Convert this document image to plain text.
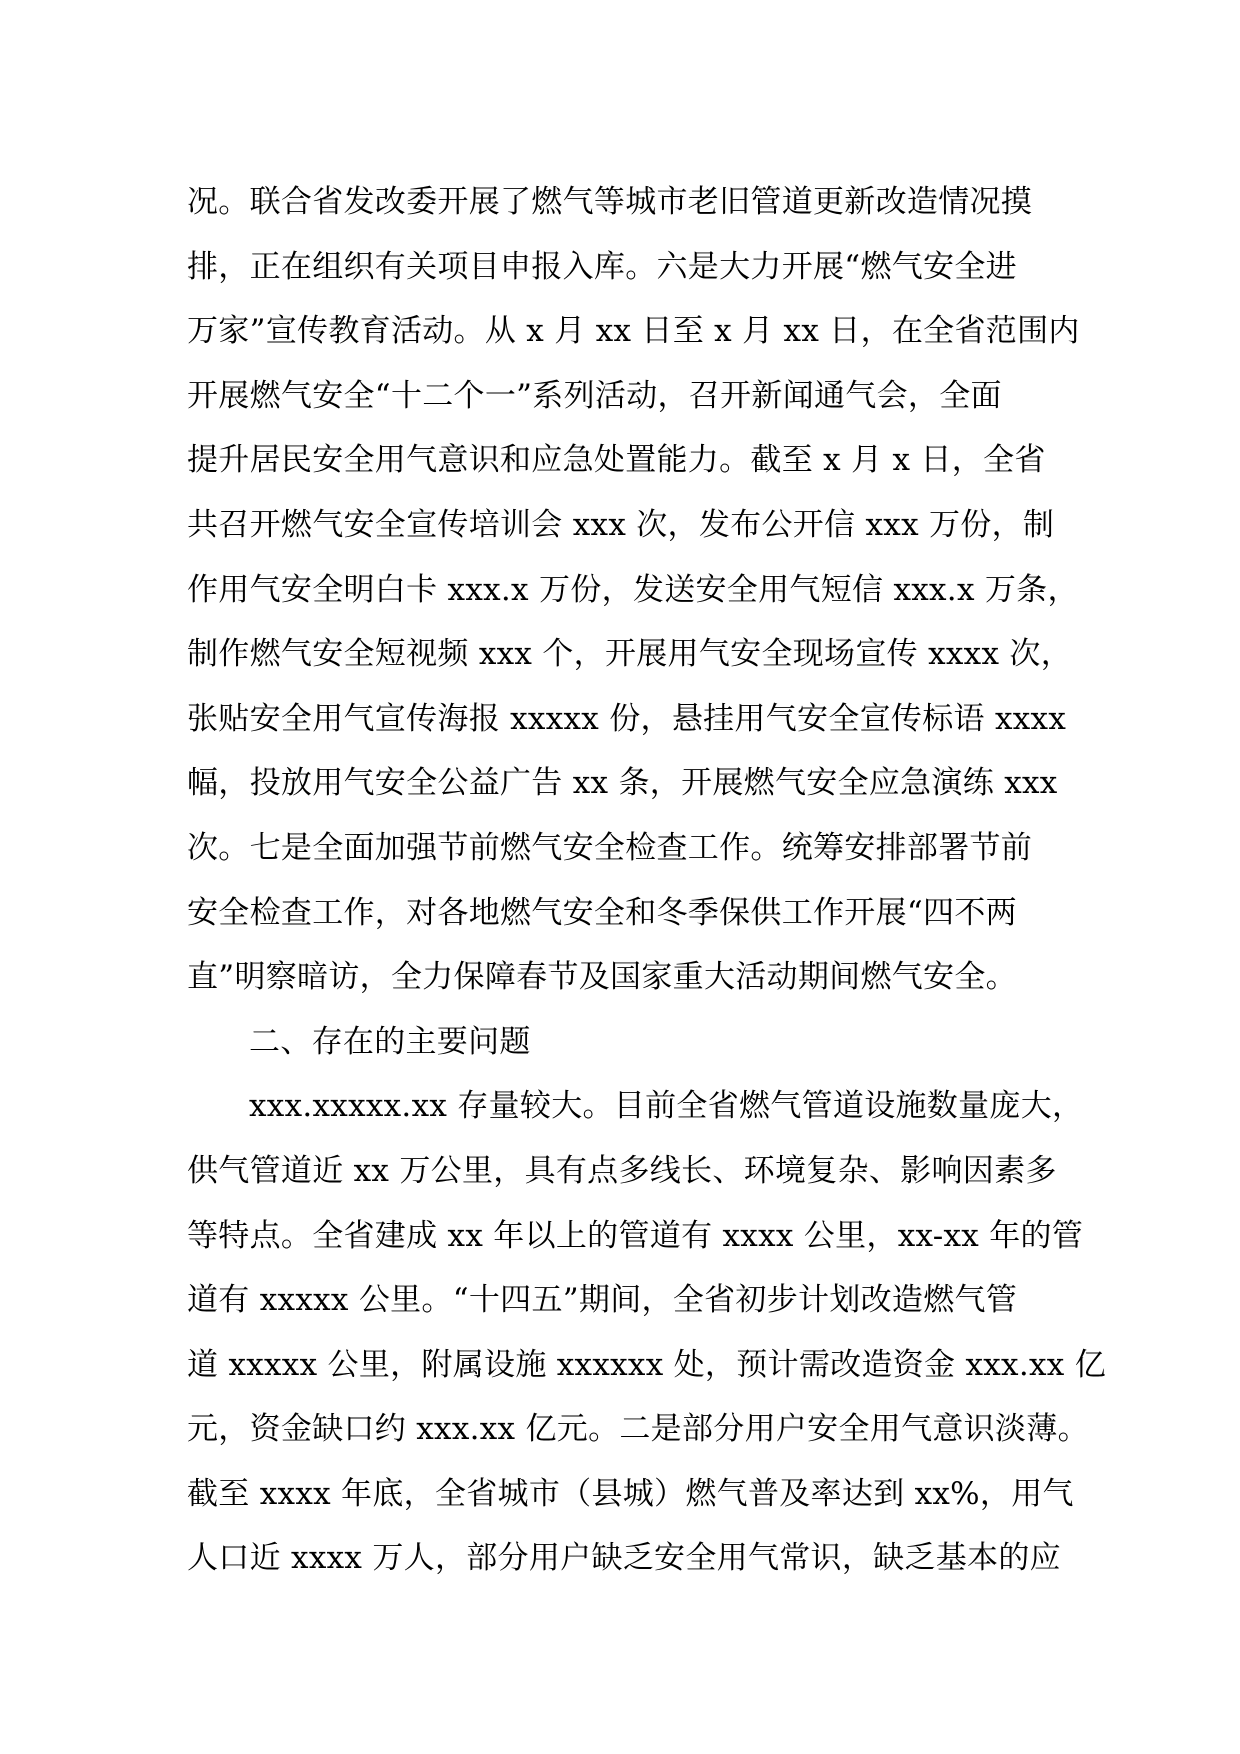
况。联合省发改委开展了燃气等城市老旧管道更新改造情况摸
排，正在组织有关项目申报入库。六是大力开展“燃气安全进
万家”宣传教育活动。从 x 月 xx 日至 x 月 xx 日，在全省范围内
开展燃气安全“十二个一”系列活动，召开新闻通气会，全面
提升居民安全用气意识和应急处置能力。截至 x 月 x 日，全省
共召开燃气安全宣传培训会 xxx 次，发布公开信 xxx 万份，制
作用气安全明白卡 xxx.x 万份，发送安全用气短信 xxx.x 万条，
制作燃气安全短视频 xxx 个，开展用气安全现场宣传 xxxx 次，
张贴安全用气宣传海报 xxxxx 份，悬挂用气安全宣传标语 xxxx
幅，投放用气安全公益广告 xx 条，开展燃气安全应急演练 xxx
次。七是全面加强节前燃气安全检查工作。统筹安排部署节前
安全检查工作，对各地燃气安全和冬季保供工作开展“四不两
直”明察暗访，全力保障春节及国家重大活动期间燃气安全。
二、存在的主要问题
xxx.xxxxx.xx 存量较大。目前全省燃气管道设施数量庞大，
供气管道近 xx 万公里，具有点多线长、环境复杂、影响因素多
等特点。全省建成 xx 年以上的管道有 xxxx 公里，xx-xx 年的管
道有 xxxxx 公里。“十四五”期间，全省初步计划改造燃气管
道 xxxxx 公里，附属设施 xxxxxx 处，预计需改造资金 xxx.xx 亿
元，资金缺口约 xxx.xx 亿元。二是部分用户安全用气意识淡薄。
截至 xxxx 年底，全省城市（县城）燃气普及率达到 xx%，用气
人口近 xxxx 万人，部分用户缺乏安全用气常识，缺乏基本的应
